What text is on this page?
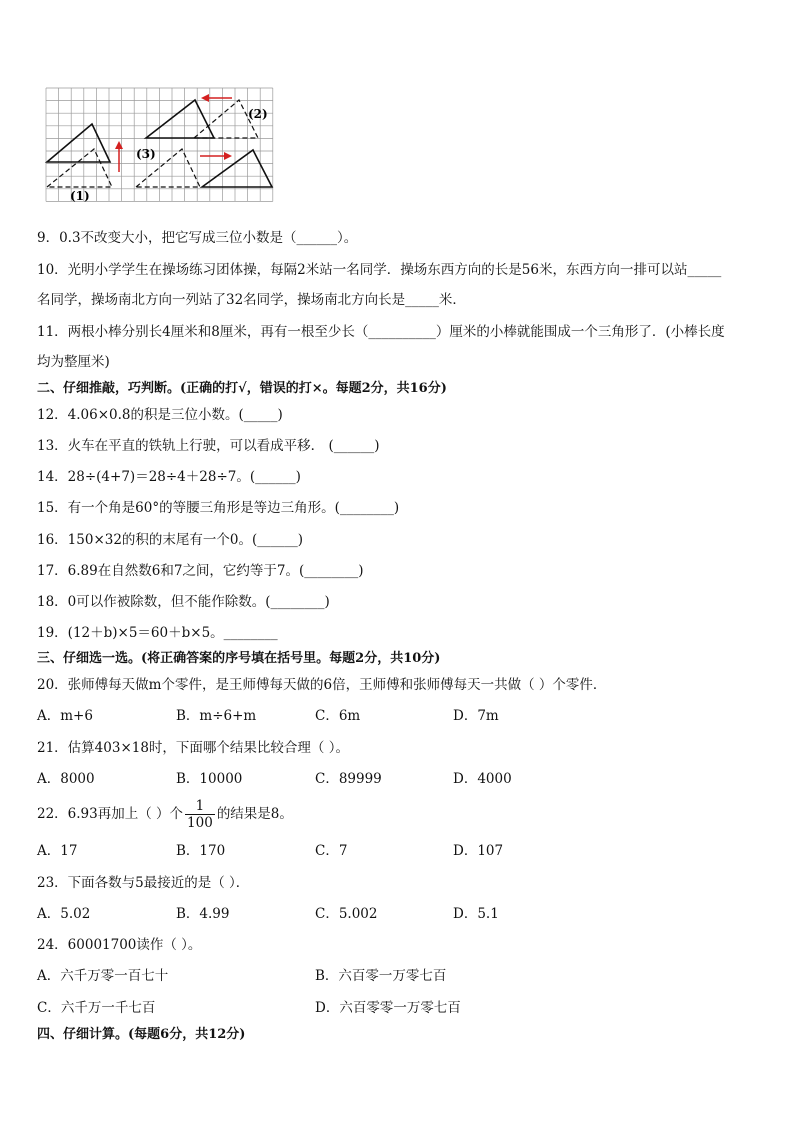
(1)
(2)
(3)
9．0.3不改变大小，把它写成三位小数是（______）。
10．光明小学学生在操场练习团体操，每隔2米站一名同学．操场东西方向的长是56米，东西方向一排可以站_____
名同学，操场南北方向一列站了32名同学，操场南北方向长是_____米．
11．两根小棒分别长4厘米和8厘米，再有一根至少长（__________）厘米的小棒就能围成一个三角形了．(小棒长度
均为整厘米)
二、仔细推敲，巧判断。(正确的打√，错误的打×。每题2分，共16分)
12．4.06×0.8的积是三位小数。(_____)
13．火车在平直的铁轨上行驶，可以看成平移． (______)
14．28÷(4+7)＝28÷4＋28÷7。(______)
15．有一个角是60°的等腰三角形是等边三角形。(________)
16．150×32的积的末尾有一个0。(______)
17．6.89在自然数6和7之间，它约等于7。(________)
18．0可以作被除数，但不能作除数。(________)
19．(12＋b)×5＝60＋b×5。________
三、仔细选一选。(将正确答案的序号填在括号里。每题2分，共10分)
20．张师傅每天做m个零件，是王师傅每天做的6倍，王师傅和张师傅每天一共做（ ）个零件．
A．m+6	B．m÷6+m	C．6m	D．7m
21．估算403×18时，下面哪个结果比较合理（ ）。
A．8000	B．10000	C．89999	D．4000
22．6.93再加上（ ）个 $\frac{1}{100}$ 的结果是8。
A．17	B．170	C．7	D．107
23．下面各数与5最接近的是（ ）．
A．5.02	B．4.99	C．5.002	D．5.1
24．60001700读作（ ）。
A．六千万零一百七十	B．六百零一万零七百
C．六千万一千七百	D．六百零零一万零七百
四、仔细计算。(每题6分，共12分)
